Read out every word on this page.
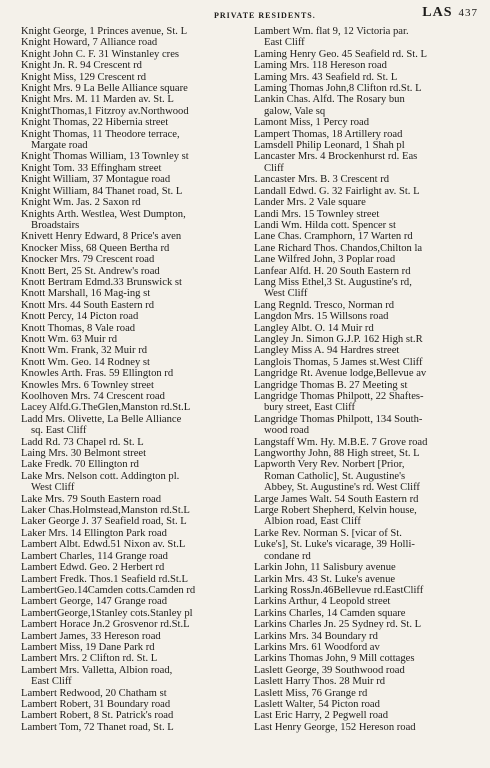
PRIVATE RESIDENTS.	LAS 437
Knight George, 1 Princes avenue, St. L
Knight Howard, 7 Alliance road
Knight John C. F. 31 Winstanley cres
Knight Jn. R. 94 Crescent rd
Knight Miss, 129 Crescent rd
Knight Mrs. 9 La Belle Alliance square
Knight Mrs. M. 11 Marden av. St. L
KnightThomas,1 Fitzroy av.Northwood
Knight Thomas, 22 Hibernia street
Knight Thomas, 11 Theodore terrace,
Margate road
Knight Thomas William, 13 Townley st
Knight Tom. 33 Effingham street
Knight William, 37 Montague road
Knight William, 84 Thanet road, St. L
Knight Wm. Jas. 2 Saxon rd
Knights Arth. Westlea, West Dumpton,
Broadstairs
Knivett Henry Edward, 8 Price's aven
Knocker Miss, 68 Queen Bertha rd
Knocker Mrs. 79 Crescent road
Knott Bert, 25 St. Andrew's road
Knott Bertram Edmd.33 Brunswick st
Knott Marshall, 16 Mag-ing st
Knott Mrs. 44 South Eastern rd
Knott Percy, 14 Picton road
Knott Thomas, 8 Vale road
Knott Wm. 63 Muir rd
Knott Wm. Frank, 32 Muir rd
Knott Wm. Geo. 14 Rodney st
Knowles Arth. Fras. 59 Ellington rd
Knowles Mrs. 6 Townley street
Koolhoven Mrs. 74 Crescent road
Lacey Alfd.G.TheGlen,Manston rd.St.L
Ladd Mrs. Olivette, La Belle Alliance
sq. East Cliff
Ladd Rd. 73 Chapel rd. St. L
Laing Mrs. 30 Belmont street
Lake Fredk. 70 Ellington rd
Lake Mrs. Nelson cott. Addington pl.
West Cliff
Lake Mrs. 79 South Eastern road
Laker Chas.Holmstead,Manston rd.St.L
Laker George J. 37 Seafield road, St. L
Laker Mrs. 14 Ellington Park road
Lambert Albt. Edwd.51 Nixon av. St.L
Lambert Charles, 114 Grange road
Lambert Edwd. Geo. 2 Herbert rd
Lambert Fredk. Thos.1 Seafield rd.St.L
LambertGeo.14Camden cotts.Camden rd
Lambert George, 147 Grange road
LambertGeorge,1Stanley cots.Stanley pl
Lambert Horace Jn.2 Grosvenor rd.St.L
Lambert James, 33 Hereson road
Lambert Miss, 19 Dane Park rd
Lambert Mrs. 2 Clifton rd. St. L
Lambert Mrs. Valletta, Albion road,
East Cliff
Lambert Redwood, 20 Chatham st
Lambert Robert, 31 Boundary road
Lambert Robert, 8 St. Patrick's road
Lambert Tom, 72 Thanet road, St. L
Lambert Wm. flat 9, 12 Victoria par.
East Cliff
Laming Henry Geo. 45 Seafield rd. St. L
Laming Mrs. 118 Hereson road
Laming Mrs. 43 Seafield rd. St. L
Laming Thomas John,8 Clifton rd.St. L
Lankin Chas. Alfd. The Rosary bun
galow, Vale sq
Lamont Miss, 1 Percy road
Lampert Thomas, 18 Artillery road
Lamsdell Philip Leonard, 1 Shah pl
Lancaster Mrs. 4 Brockenhurst rd. Eas
Cliff
Lancaster Mrs. B. 3 Crescent rd
Landall Edwd. G. 32 Fairlight av. St. L
Lander Mrs. 2 Vale square
Landi Mrs. 15 Townley street
Landi Wm. Hilda cott. Spencer st
Lane Chas. Cramphorn, 17 Warten rd
Lane Richard Thos. Chandos,Chilton la
Lane Wilfred John, 3 Poplar road
Lanfear Alfd. H. 20 South Eastern rd
Lang Miss Ethel,3 St. Augustine's rd,
West Cliff
Lang Regnld. Tresco, Norman rd
Langdon Mrs. 15 Willsons road
Langley Albt. O. 14 Muir rd
Langley Jn. Simon G.J.P. 162 High st.R
Langley Miss A. 94 Hardres street
Langlois Thomas, 5 James st.West Cliff
Langridge Rt. Avenue lodge,Bellevue av
Langridge Thomas B. 27 Meeting st
Langridge Thomas Philpott, 22 Shaftes-
bury street, East Cliff
Langridge Thomas Philpott, 134 South-
wood road
Langstaff Wm. Hy. M.B.E. 7 Grove road
Langworthy John, 88 High street, St. L
Lapworth Very Rev. Norbert [Prior,
Roman Catholic], St. Augustine's
Abbey, St. Augustine's rd. West Cliff
Large James Walt. 54 South Eastern rd
Large Robert Shepherd, Kelvin house,
Albion road, East Cliff
Larke Rev. Norman S. [vicar of St.
Luke's], St. Luke's vicarage, 39 Holli-
condane rd
Larkin John, 11 Salisbury avenue
Larkin Mrs. 43 St. Luke's avenue
Larking RossJn.46Bellevue rd.EastCliff
Larkins Arthur, 4 Leopold street
Larkins Charles, 14 Camden square
Larkins Charles Jn. 25 Sydney rd. St. L
Larkins Mrs. 34 Boundary rd
Larkins Mrs. 61 Woodford av
Larkins Thomas John, 9 Mill cottages
Laslett George, 39 Southwood road
Laslett Harry Thos. 28 Muir rd
Laslett Miss, 76 Grange rd
Laslett Walter, 54 Picton road
Last Eric Harry, 2 Pegwell road
Last Henry George, 152 Hereson road
